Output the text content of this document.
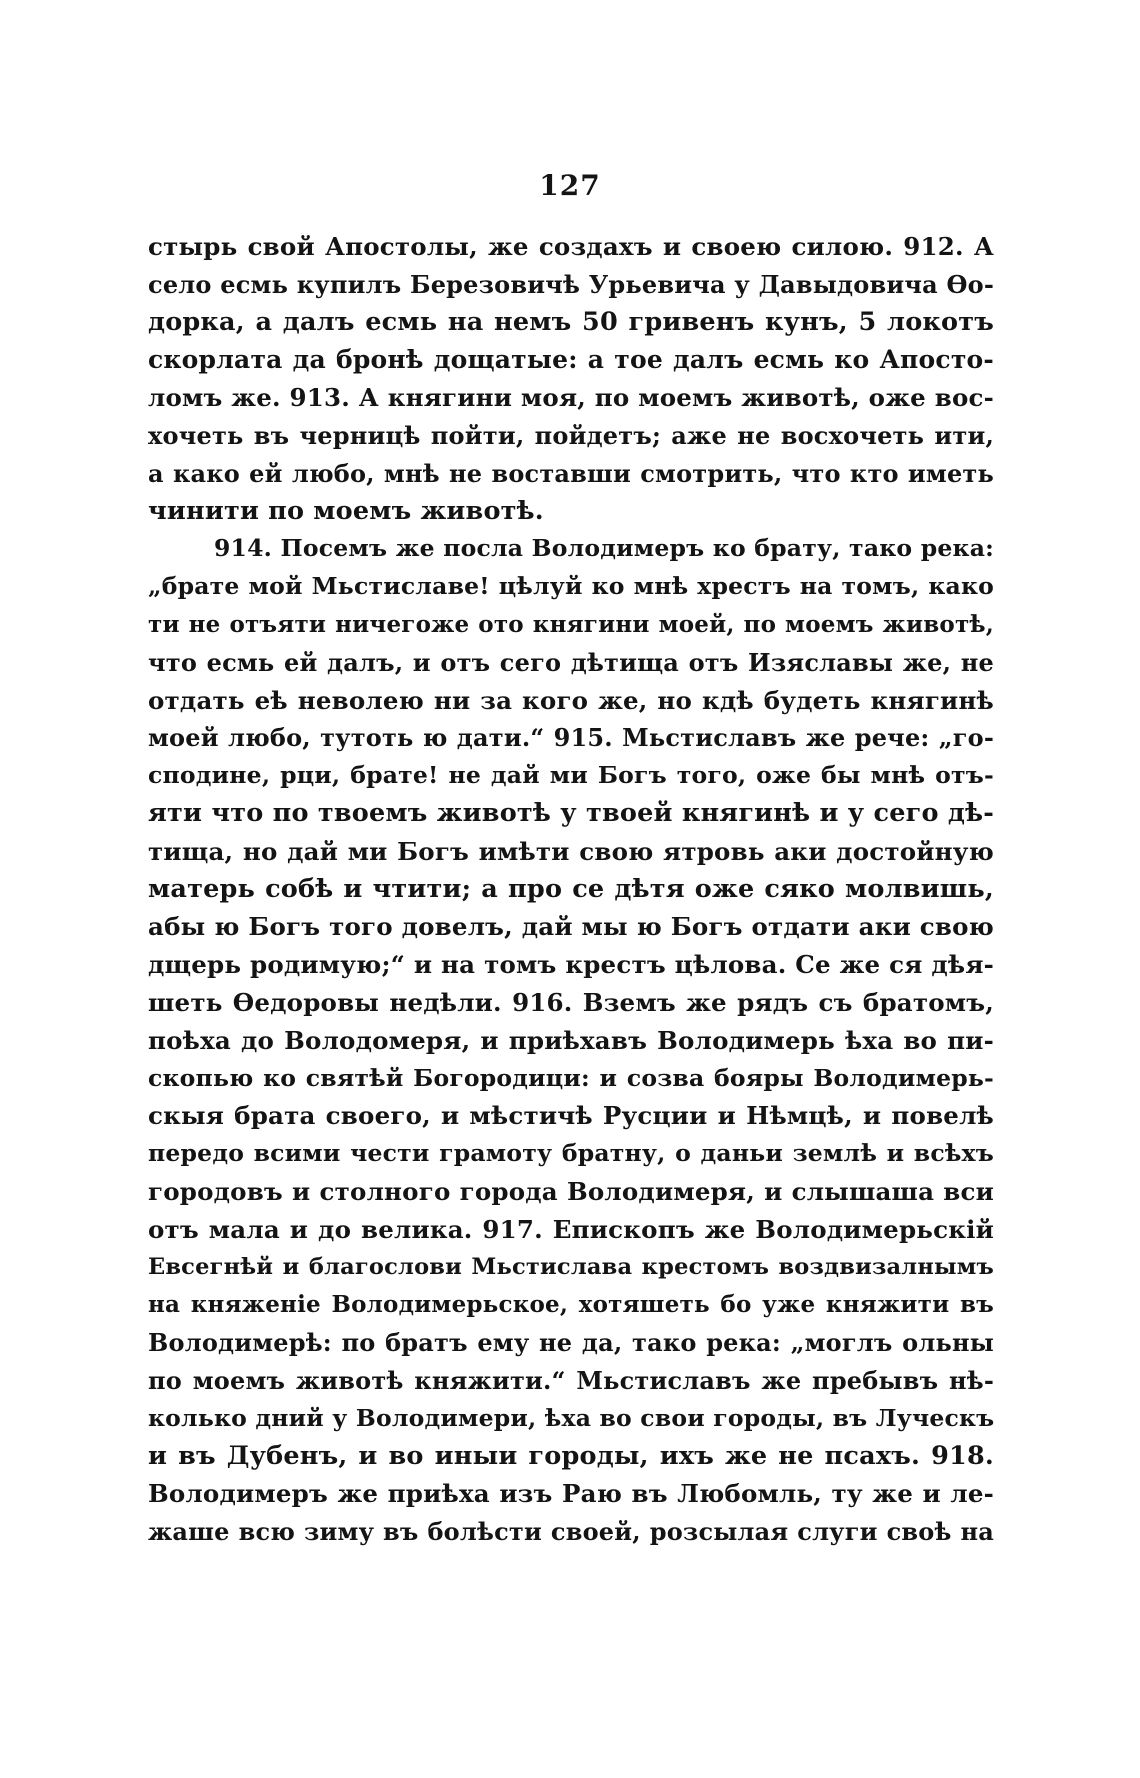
127
стырь свой Апостолы, же создахъ и своею силою. 912. А
село есмь купилъ Березовичѣ Урьевича у Давыдовича Ѳо-
дорка, а далъ есмь на немъ 50 гривенъ кунъ, 5 локотъ
скорлата да бронѣ дощатые: а тое далъ есмь ко Апосто-
ломъ же. 913. А княгини моя, по моемъ животѣ, оже вос-
хочеть въ черницѣ пойти, пойдетъ; аже не восхочеть ити,
а како ей любо, мнѣ не воставши смотрить, что кто иметь
чинити по моемъ животѣ.
914. Посемъ же посла Володимеръ ко брату, тако река:
„брате мой Мьстиславе! цѣлуй ко мнѣ хрестъ на томъ, како
ти не отъяти ничегоже ото княгини моей, по моемъ животѣ,
что есмь ей далъ, и отъ сего дѣтища отъ Изяславы же, не
отдать еѣ неволею ни за кого же, но кдѣ будеть княгинѣ
моей любо, тутоть ю дати.“ 915. Мьстиславъ же рече: „го-
сподине, рци, брате! не дай ми Богъ того, оже бы мнѣ отъ-
яти что по твоемъ животѣ у твоей княгинѣ и у сего дѣ-
тища, но дай ми Богъ имѣти свою ятровь аки достойную
матерь собѣ и чтити; а про се дѣтя оже сяко молвишь,
абы ю Богъ того довелъ, дай мы ю Богъ отдати аки свою
дщерь родимую;“ и на томъ крестъ цѣлова. Се же ся дѣя-
шеть Ѳедоровы недѣли. 916. Вземъ же рядъ съ братомъ,
поѣха до Володомеря, и приѣхавъ Володимерь ѣха во пи-
скопью ко святѣй Богородици: и созва бояры Володимерь-
скыя брата своего, и мѣстичѣ Русции и Нѣмцѣ, и повелѣ
передо всими чести грамоту братну, о даньи землѣ и всѣхъ
городовъ и столного города Володимеря, и слышаша вси
отъ мала и до велика. 917. Епископъ же Володимерьскій
Евсегнѣй и благослови Мьстислава крестомъ воздвизалнымъ
на княженіе Володимерьское, хотяшеть бо уже княжити въ
Володимерѣ: по братъ ему не да, тако река: „моглъ ольны
по моемъ животѣ княжити.“ Мьстиславъ же пребывъ нѣ-
колько дний у Володимери, ѣха во свои городы, въ Луческъ
и въ Дубенъ, и во иныи городы, ихъ же не псахъ. 918.
Володимеръ же приѣха изъ Раю въ Любомль, ту же и ле-
жаше всю зиму въ болѣсти своей, розсылая слуги своѣ на
